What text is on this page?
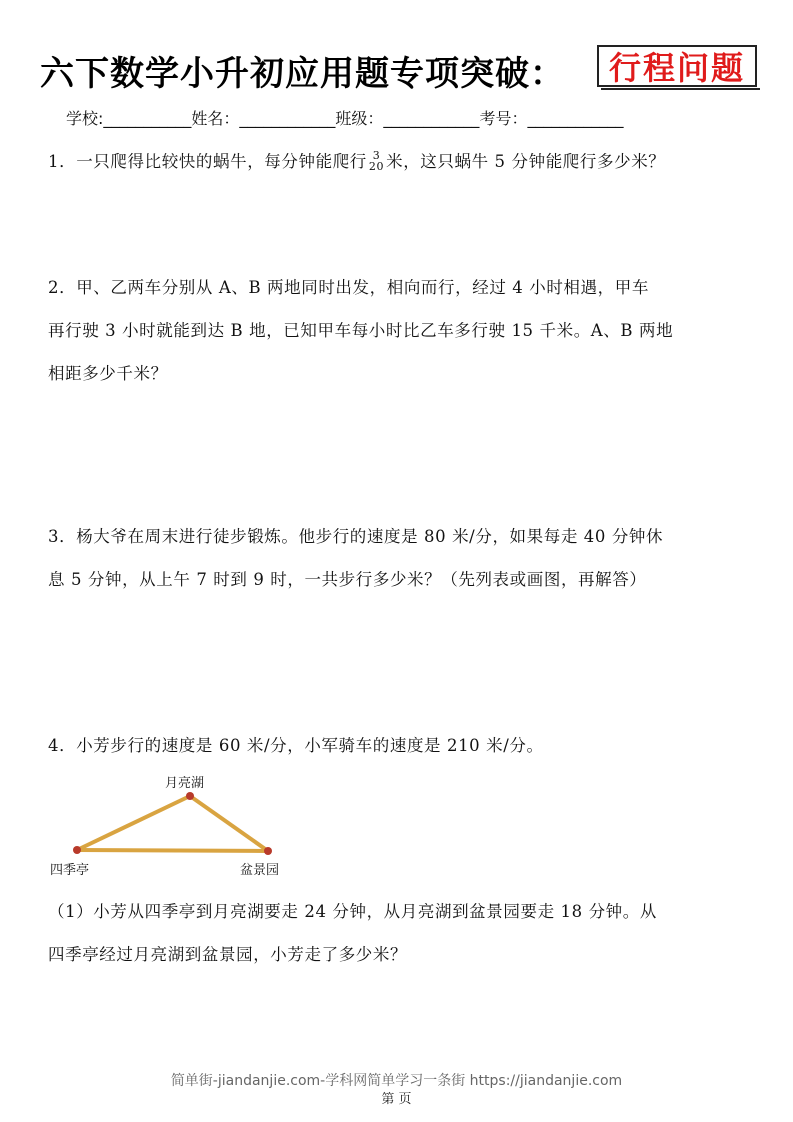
六下数学小升初应用题专项突破：	行程问题
学校:___________姓名：____________班级：____________考号：____________
1．一只爬得比较快的蜗牛，每分钟能爬行 3
20 米，这只蜗牛 5 分钟能爬行多少米？
2．甲、乙两车分别从 A、B 两地同时出发，相向而行，经过 4 小时相遇，甲车
再行驶 3 小时就能到达 B 地，已知甲车每小时比乙车多行驶 15 千米。A、B 两地
相距多少千米？
3．杨大爷在周末进行徒步锻炼。他步行的速度是 80 米/分，如果每走 40 分钟休
息 5 分钟，从上午 7 时到 9 时，一共步行多少米？（先列表或画图，再解答）
4．小芳步行的速度是 60 米/分，小军骑车的速度是 210 米/分。
月亮湖
四季亭	盆景园
（1）小芳从四季亭到月亮湖要走 24 分钟，从月亮湖到盆景园要走 18 分钟。从
四季亭经过月亮湖到盆景园，小芳走了多少米？
简单街-jiandanjie.com-学科网简单学习一条街 https://jiandanjie.com
第 页
